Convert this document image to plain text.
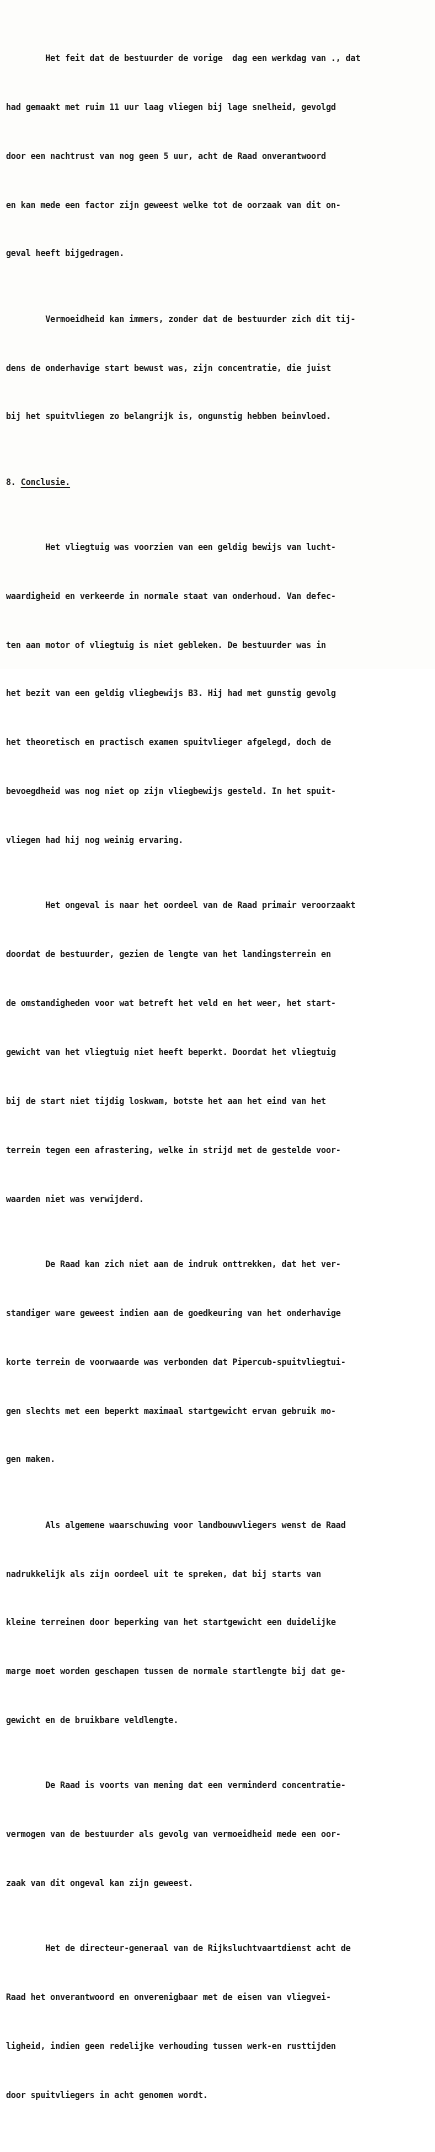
Het feit dat de bestuurder de vorige  dag een werkdag van ., dat

had gemaakt met ruim 11 uur laag vliegen bij lage snelheid, gevolgd

door een nachtrust van nog geen 5 uur, acht de Raad onverantwoord

en kan mede een factor zijn geweest welke tot de oorzaak van dit on-

geval heeft bijgedragen.

Vermoeidheid kan immers, zonder dat de bestuurder zich dit tij-

dens de onderhavige start bewust was, zijn concentratie, die juist

bij het spuitvliegen zo belangrijk is, ongunstig hebben beinvloed.

8. Conclusie.

Het vliegtuig was voorzien van een geldig bewijs van lucht-

waardigheid en verkeerde in normale staat van onderhoud. Van defec-

ten aan motor of vliegtuig is niet gebleken. De bestuurder was in

het bezit van een geldig vliegbewijs B3. Hij had met gunstig gevolg

het theoretisch en practisch examen spuitvlieger afgelegd, doch de

bevoegdheid was nog niet op zijn vliegbewijs gesteld. In het spuit-

vliegen had hij nog weinig ervaring.

Het ongeval is naar het oordeel van de Raad primair veroorzaakt

doordat de bestuurder, gezien de lengte van het landingsterrein en

de omstandigheden voor wat betreft het veld en het weer, het start-

gewicht van het vliegtuig niet heeft beperkt. Doordat het vliegtuig

bij de start niet tijdig loskwam, botste het aan het eind van het

terrein tegen een afrastering, welke in strijd met de gestelde voor-

waarden niet was verwijderd.

De Raad kan zich niet aan de indruk onttrekken, dat het ver-

standiger ware geweest indien aan de goedkeuring van het onderhavige

korte terrein de voorwaarde was verbonden dat Pipercub-spuitvliegtui-

gen slechts met een beperkt maximaal startgewicht ervan gebruik mo-

gen maken.

Als algemene waarschuwing voor landbouwvliegers wenst de Raad

nadrukkelijk als zijn oordeel uit te spreken, dat bij starts van

kleine terreinen door beperking van het startgewicht een duidelijke

marge moet worden geschapen tussen de normale startlengte bij dat ge-

gewicht en de bruikbare veldlengte.

De Raad is voorts van mening dat een verminderd concentratie-

vermogen van de bestuurder als gevolg van vermoeidheid mede een oor-

zaak van dit ongeval kan zijn geweest.

Het de directeur-generaal van de Rijksluchtvaartdienst acht de

Raad het onverantwoord en onverenigbaar met de eisen van vliegvei-

ligheid, indien geen redelijke verhouding tussen werk-en rusttijden

door spuitvliegers in acht genomen wordt.
